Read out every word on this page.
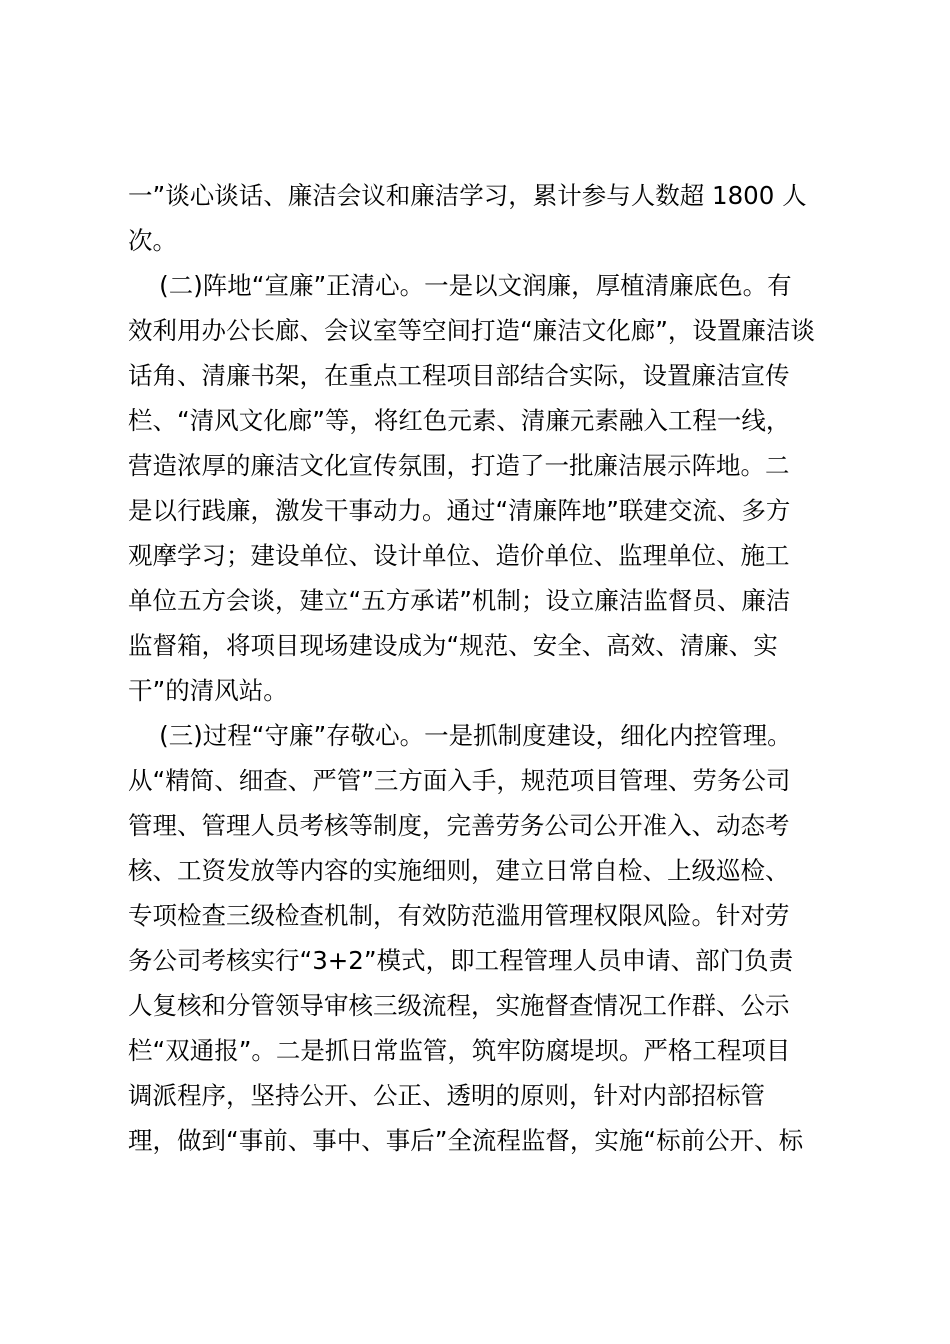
一”谈心谈话、廉洁会议和廉洁学习，累计参与人数超 1800 人
次。
(二)阵地“宣廉”正清心。一是以文润廉，厚植清廉底色。有
效利用办公长廊、会议室等空间打造“廉洁文化廊”，设置廉洁谈
话角、清廉书架，在重点工程项目部结合实际，设置廉洁宣传
栏、“清风文化廊”等，将红色元素、清廉元素融入工程一线，
营造浓厚的廉洁文化宣传氛围，打造了一批廉洁展示阵地。二
是以行践廉，激发干事动力。通过“清廉阵地”联建交流、多方
观摩学习；建设单位、设计单位、造价单位、监理单位、施工
单位五方会谈，建立“五方承诺”机制；设立廉洁监督员、廉洁
监督箱，将项目现场建设成为“规范、安全、高效、清廉、实
干”的清风站。
(三)过程“守廉”存敬心。一是抓制度建设，细化内控管理。
从“精简、细查、严管”三方面入手，规范项目管理、劳务公司
管理、管理人员考核等制度，完善劳务公司公开准入、动态考
核、工资发放等内容的实施细则，建立日常自检、上级巡检、
专项检查三级检查机制，有效防范滥用管理权限风险。针对劳
务公司考核实行“3+2”模式，即工程管理人员申请、部门负责
人复核和分管领导审核三级流程，实施督查情况工作群、公示
栏“双通报”。二是抓日常监管，筑牢防腐堤坝。严格工程项目
调派程序，坚持公开、公正、透明的原则，针对内部招标管
理，做到“事前、事中、事后”全流程监督，实施“标前公开、标
